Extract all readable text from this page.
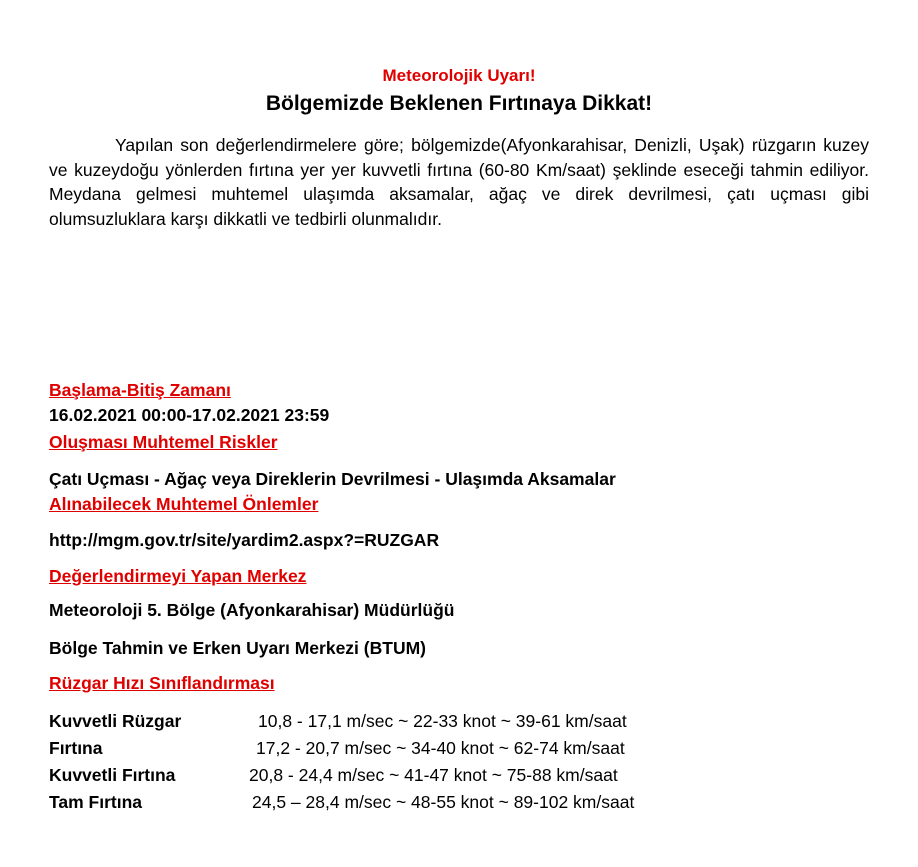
Meteorolojik Uyarı!
Bölgemizde Beklenen Fırtınaya Dikkat!
Yapılan son değerlendirmelere göre; bölgemizde(Afyonkarahisar, Denizli, Uşak) rüzgarın kuzey ve kuzeydoğu yönlerden fırtına yer yer kuvvetli fırtına (60-80 Km/saat) şeklinde eseceği tahmin ediliyor. Meydana gelmesi muhtemel ulaşımda aksamalar, ağaç ve direk devrilmesi, çatı uçması gibi olumsuzluklara karşı dikkatli ve tedbirli olunmalıdır.
Başlama-Bitiş Zamanı
16.02.2021 00:00-17.02.2021 23:59
Oluşması Muhtemel Riskler
Çatı Uçması - Ağaç veya Direklerin Devrilmesi - Ulaşımda Aksamalar
Alınabilecek Muhtemel Önlemler
http://mgm.gov.tr/site/yardim2.aspx?=RUZGAR
Değerlendirmeyi Yapan Merkez
Meteoroloji 5. Bölge (Afyonkarahisar) Müdürlüğü
Bölge Tahmin ve Erken Uyarı Merkezi (BTUM)
Rüzgar Hızı Sınıflandırması
Kuvvetli Rüzgar	10,8 - 17,1 m/sec ~ 22-33 knot ~ 39-61 km/saat
Fırtına	17,2 - 20,7 m/sec ~ 34-40 knot ~ 62-74 km/saat
Kuvvetli Fırtına	20,8 - 24,4 m/sec ~ 41-47 knot ~ 75-88 km/saat
Tam Fırtına	24,5 – 28,4 m/sec ~ 48-55 knot ~ 89-102 km/saat
